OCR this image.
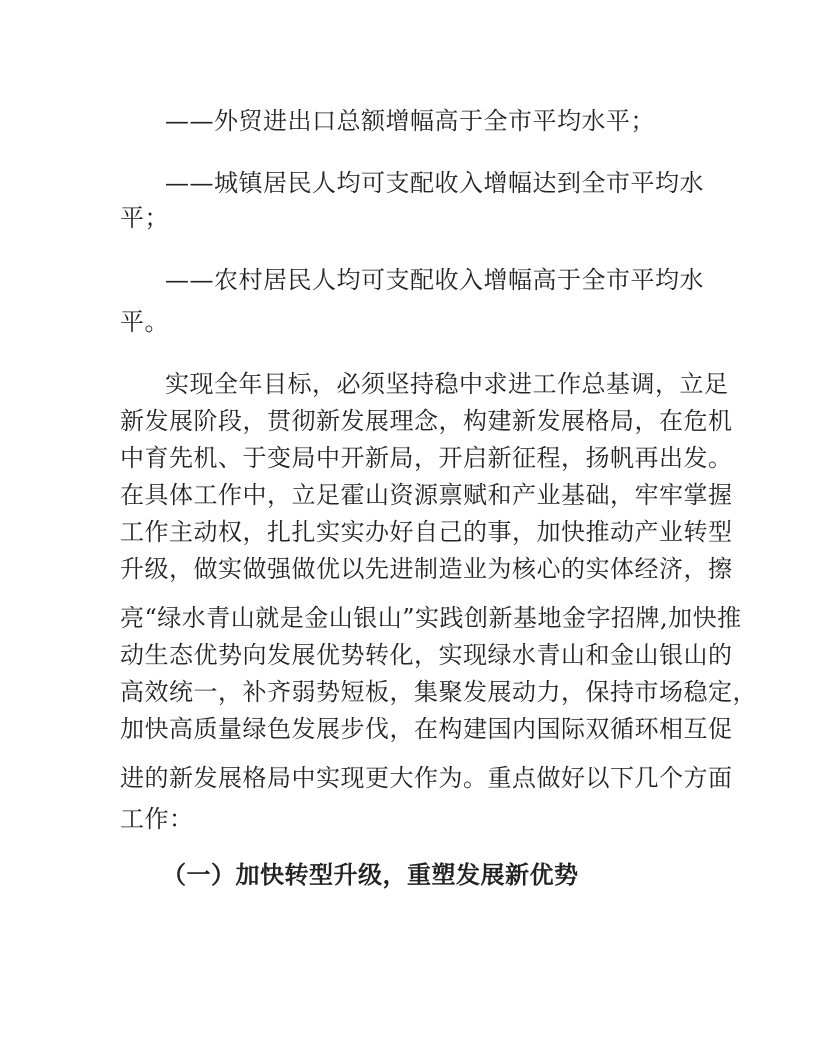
——外贸进出口总额增幅高于全市平均水平；
——城镇居民人均可支配收入增幅达到全市平均水
平；
——农村居民人均可支配收入增幅高于全市平均水
平。
实现全年目标，必须坚持稳中求进工作总基调，立足
新发展阶段，贯彻新发展理念，构建新发展格局，在危机
中育先机、于变局中开新局，开启新征程，扬帆再出发。
在具体工作中，立足霍山资源禀赋和产业基础，牢牢掌握
工作主动权，扎扎实实办好自己的事，加快推动产业转型
升级，做实做强做优以先进制造业为核心的实体经济，擦
亮“绿水青山就是金山银山”实践创新基地金字招牌,加快推
动生态优势向发展优势转化，实现绿水青山和金山银山的
高效统一，补齐弱势短板，集聚发展动力，保持市场稳定，
加快高质量绿色发展步伐，在构建国内国际双循环相互促
进的新发展格局中实现更大作为。重点做好以下几个方面
工作：
（一）加快转型升级，重塑发展新优势
